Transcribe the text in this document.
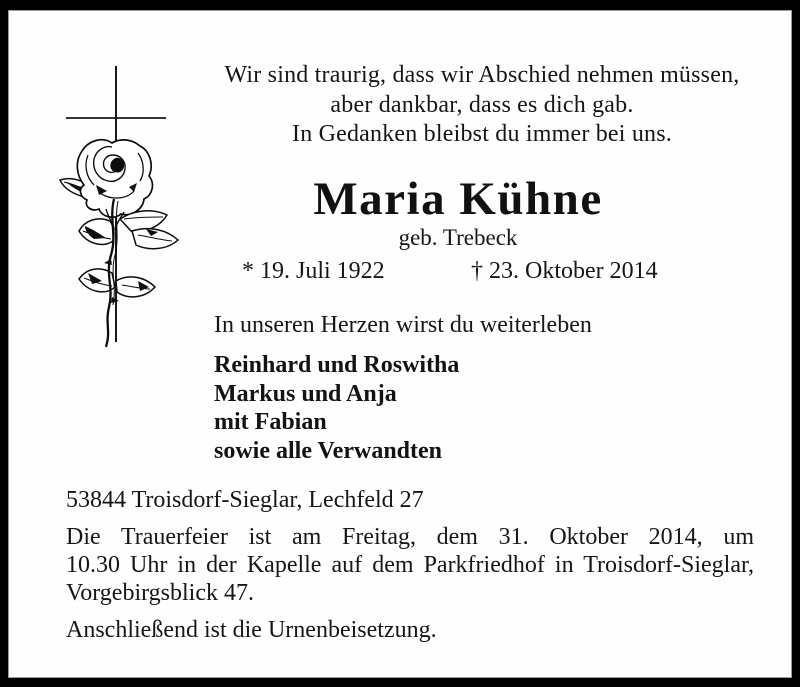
Wir sind traurig, dass wir Abschied nehmen müssen,
aber dankbar, dass es dich gab.
In Gedanken bleibst du immer bei uns.
Maria Kühne
geb. Trebeck
* 19. Juli 1922	† 23. Oktober 2014
In unseren Herzen wirst du weiterleben
Reinhard und Roswitha
Markus und Anja
mit Fabian
sowie alle Verwandten
53844 Troisdorf-Sieglar, Lechfeld 27
Die Trauerfeier ist am Freitag, dem 31. Oktober 2014, um
10.30 Uhr in der Kapelle auf dem Parkfriedhof in Troisdorf-Sieglar,
Vorgebirgsblick 47.
Anschließend ist die Urnenbeisetzung.
